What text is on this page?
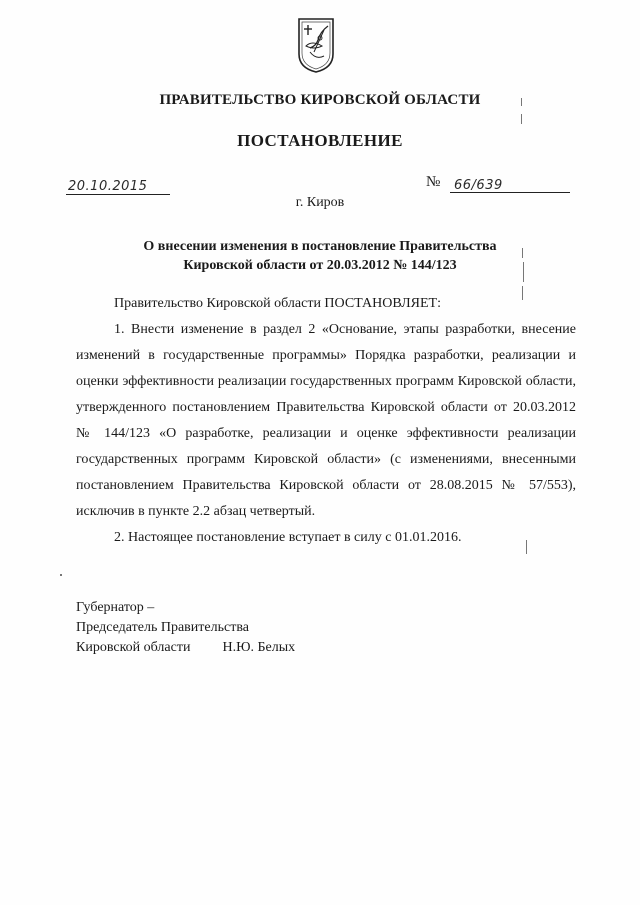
ПРАВИТЕЛЬСТВО КИРОВСКОЙ ОБЛАСТИ
ПОСТАНОВЛЕНИЕ
20.10.2015	№ 66/639
г. Киров
О внесении изменения в постановление Правительства
Кировской области от 20.03.2012 № 144/123

Правительство Кировской области ПОСТАНОВЛЯЕТ:

1. Внести изменение в раздел 2 «Основание, этапы разработки, внесение изменений в государственные программы» Порядка разработки, реализации и оценки эффективности реализации государственных программ Кировской области, утвержденного постановлением Правительства Кировской области от 20.03.2012 № 144/123 «О разработке, реализации и оценке эффективности реализации государственных программ Кировской области» (с изменениями, внесенными постановлением Правительства Кировской области от 28.08.2015 № 57/553), исключив в пункте 2.2 абзац четвертый.

2. Настоящее постановление вступает в силу с 01.01.2016.

Губернатор –
Председатель Правительства
Кировской области Н.Ю. Белых
